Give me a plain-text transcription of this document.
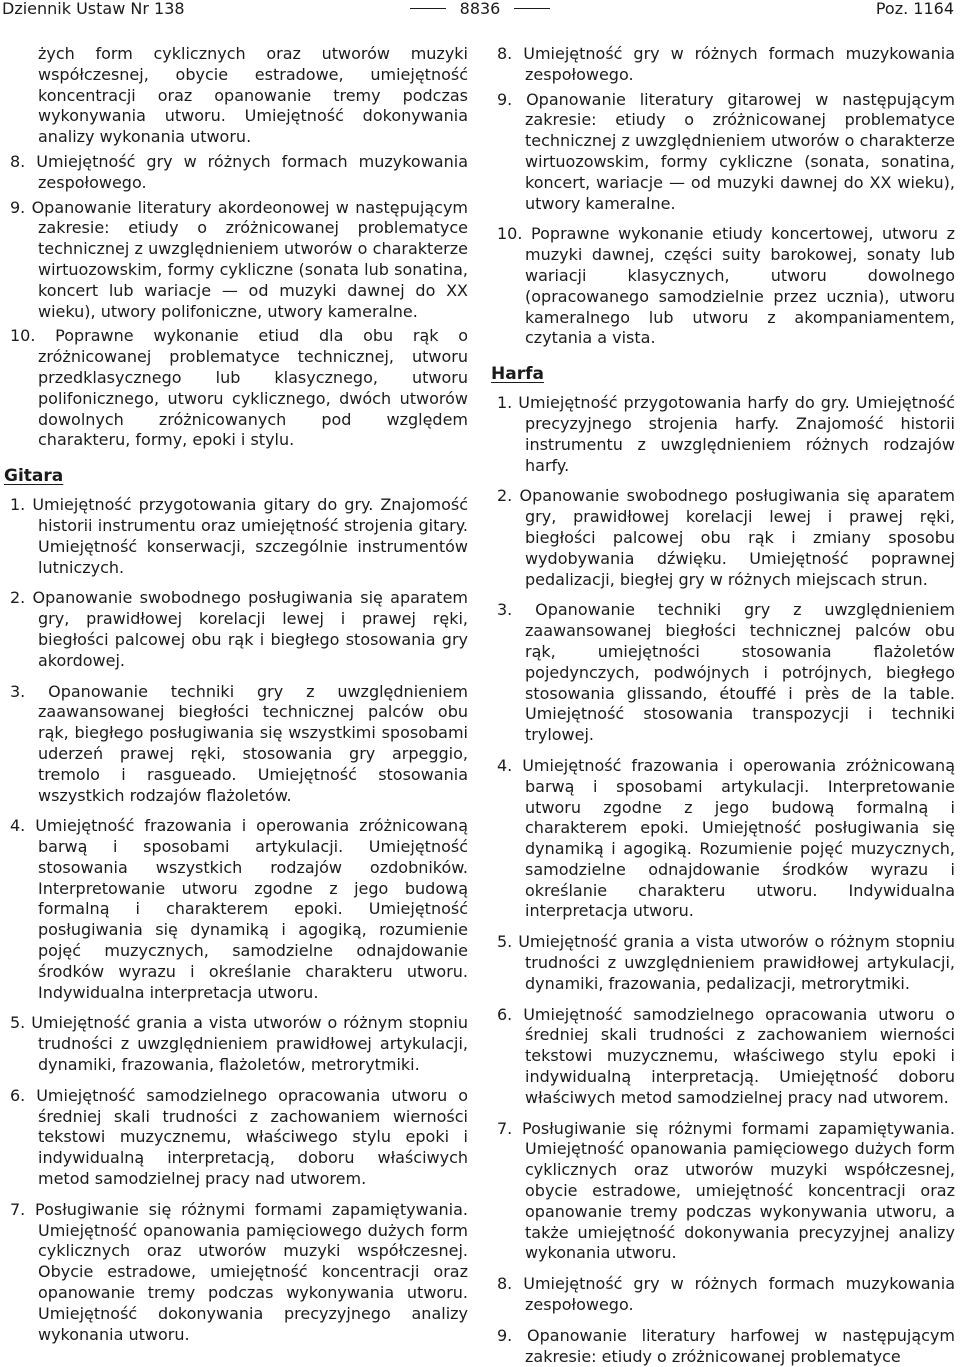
Dziennik Ustaw Nr 138	8836	Poz. 1164

żych form cyklicznych oraz utworów muzyki współczesnej, obycie estradowe, umiejętność koncentracji oraz opanowanie tremy podczas wykonywania utworu. Umiejętność dokonywania analizy wykonania utworu.

8. Umiejętność gry w różnych formach muzykowania zespołowego.

9. Opanowanie literatury akordeonowej w następującym zakresie: etiudy o zróżnicowanej problematyce technicznej z uwzględnieniem utworów o charakterze wirtuozowskim, formy cykliczne (sonata lub sonatina, koncert lub wariacje — od muzyki dawnej do XX wieku), utwory polifoniczne, utwory kameralne.

10. Poprawne wykonanie etiud dla obu rąk o zróżnicowanej problematyce technicznej, utworu przedklasycznego lub klasycznego, utworu polifonicznego, utworu cyklicznego, dwóch utworów dowolnych zróżnicowanych pod względem charakteru, formy, epoki i stylu.

Gitara

1. Umiejętność przygotowania gitary do gry. Znajomość historii instrumentu oraz umiejętność strojenia gitary. Umiejętność konserwacji, szczególnie instrumentów lutniczych.

2. Opanowanie swobodnego posługiwania się aparatem gry, prawidłowej korelacji lewej i prawej ręki, biegłości palcowej obu rąk i biegłego stosowania gry akordowej.

3. Opanowanie techniki gry z uwzględnieniem zaawansowanej biegłości technicznej palców obu rąk, biegłego posługiwania się wszystkimi sposobami uderzeń prawej ręki, stosowania gry arpeggio, tremolo i rasgueado. Umiejętność stosowania wszystkich rodzajów flażoletów.

4. Umiejętność frazowania i operowania zróżnicowaną barwą i sposobami artykulacji. Umiejętność stosowania wszystkich rodzajów ozdobników. Interpretowanie utworu zgodne z jego budową formalną i charakterem epoki. Umiejętność posługiwania się dynamiką i agogiką, rozumienie pojęć muzycznych, samodzielne odnajdowanie środków wyrazu i określanie charakteru utworu. Indywidualna interpretacja utworu.

5. Umiejętność grania a vista utworów o różnym stopniu trudności z uwzględnieniem prawidłowej artykulacji, dynamiki, frazowania, flażoletów, metrorytmiki.

6. Umiejętność samodzielnego opracowania utworu o średniej skali trudności z zachowaniem wierności tekstowi muzycznemu, właściwego stylu epoki i indywidualną interpretacją, doboru właściwych metod samodzielnej pracy nad utworem.

7. Posługiwanie się różnymi formami zapamiętywania. Umiejętność opanowania pamięciowego dużych form cyklicznych oraz utworów muzyki współczesnej. Obycie estradowe, umiejętność koncentracji oraz opanowanie tremy podczas wykonywania utworu. Umiejętność dokonywania precyzyjnego analizy wykonania utworu.

8. Umiejętność gry w różnych formach muzykowania zespołowego.

9. Opanowanie literatury gitarowej w następującym zakresie: etiudy o zróżnicowanej problematyce technicznej z uwzględnieniem utworów o charakterze wirtuozowskim, formy cykliczne (sonata, sonatina, koncert, wariacje — od muzyki dawnej do XX wieku), utwory kameralne.

10. Poprawne wykonanie etiudy koncertowej, utworu z muzyki dawnej, części suity barokowej, sonaty lub wariacji klasycznych, utworu dowolnego (opracowanego samodzielnie przez ucznia), utworu kameralnego lub utworu z akompaniamentem, czytania a vista.

Harfa

1. Umiejętność przygotowania harfy do gry. Umiejętność precyzyjnego strojenia harfy. Znajomość historii instrumentu z uwzględnieniem różnych rodzajów harfy.

2. Opanowanie swobodnego posługiwania się aparatem gry, prawidłowej korelacji lewej i prawej ręki, biegłości palcowej obu rąk i zmiany sposobu wydobywania dźwięku. Umiejętność poprawnej pedalizacji, biegłej gry w różnych miejscach strun.

3. Opanowanie techniki gry z uwzględnieniem zaawansowanej biegłości technicznej palców obu rąk, umiejętności stosowania flażoletów pojedynczych, podwójnych i potrójnych, biegłego stosowania glissando, étouffé i près de la table. Umiejętność stosowania transpozycji i techniki trylowej.

4. Umiejętność frazowania i operowania zróżnicowaną barwą i sposobami artykulacji. Interpretowanie utworu zgodne z jego budową formalną i charakterem epoki. Umiejętność posługiwania się dynamiką i agogiką. Rozumienie pojęć muzycznych, samodzielne odnajdowanie środków wyrazu i określanie charakteru utworu. Indywidualna interpretacja utworu.

5. Umiejętność grania a vista utworów o różnym stopniu trudności z uwzględnieniem prawidłowej artykulacji, dynamiki, frazowania, pedalizacji, metrorytmiki.

6. Umiejętność samodzielnego opracowania utworu o średniej skali trudności z zachowaniem wierności tekstowi muzycznemu, właściwego stylu epoki i indywidualną interpretacją. Umiejętność doboru właściwych metod samodzielnej pracy nad utworem.

7. Posługiwanie się różnymi formami zapamiętywania. Umiejętność opanowania pamięciowego dużych form cyklicznych oraz utworów muzyki współczesnej, obycie estradowe, umiejętność koncentracji oraz opanowanie tremy podczas wykonywania utworu, a także umiejętność dokonywania precyzyjnej analizy wykonania utworu.

8. Umiejętność gry w różnych formach muzykowania zespołowego.

9. Opanowanie literatury harfowej w następującym zakresie: etiudy o zróżnicowanej problematyce
